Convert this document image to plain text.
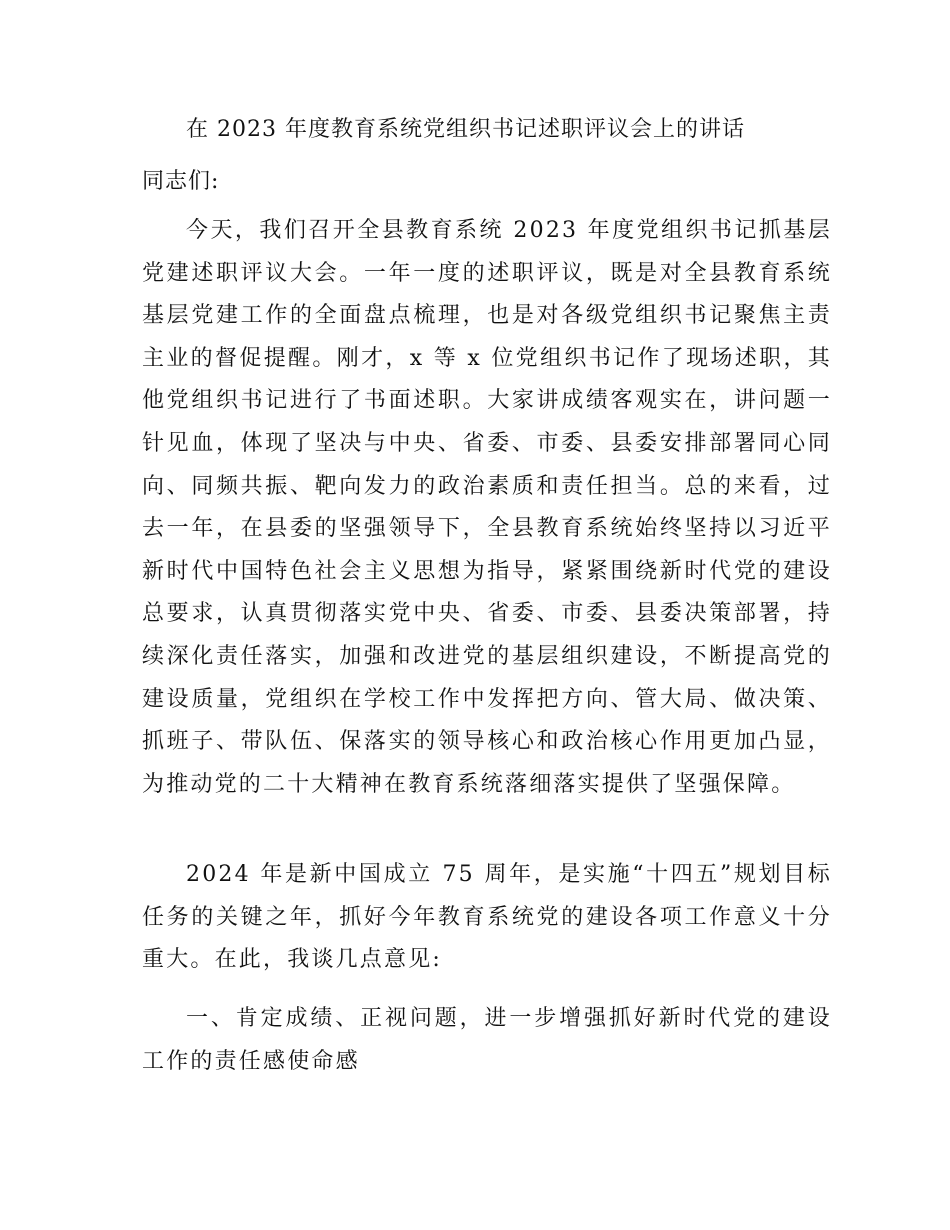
在 2023 年度教育系统党组织书记述职评议会上的讲话
同志们:

今天，我们召开全县教育系统 2023 年度党组织书记抓基层党建述职评议大会。一年一度的述职评议，既是对全县教育系统基层党建工作的全面盘点梳理，也是对各级党组织书记聚焦主责主业的督促提醒。刚才，x 等 x 位党组织书记作了现场述职，其他党组织书记进行了书面述职。大家讲成绩客观实在，讲问题一针见血，体现了坚决与中央、省委、市委、县委安排部署同心同向、同频共振、靶向发力的政治素质和责任担当。总的来看，过去一年，在县委的坚强领导下，全县教育系统始终坚持以习近平新时代中国特色社会主义思想为指导，紧紧围绕新时代党的建设总要求，认真贯彻落实党中央、省委、市委、县委决策部署，持续深化责任落实，加强和改进党的基层组织建设，不断提高党的建设质量，党组织在学校工作中发挥把方向、管大局、做决策、抓班子、带队伍、保落实的领导核心和政治核心作用更加凸显，为推动党的二十大精神在教育系统落细落实提供了坚强保障。

2024 年是新中国成立 75 周年，是实施“十四五”规划目标任务的关键之年，抓好今年教育系统党的建设各项工作意义十分重大。在此，我谈几点意见:

一、肯定成绩、正视问题，进一步增强抓好新时代党的建设工作的责任感使命感
